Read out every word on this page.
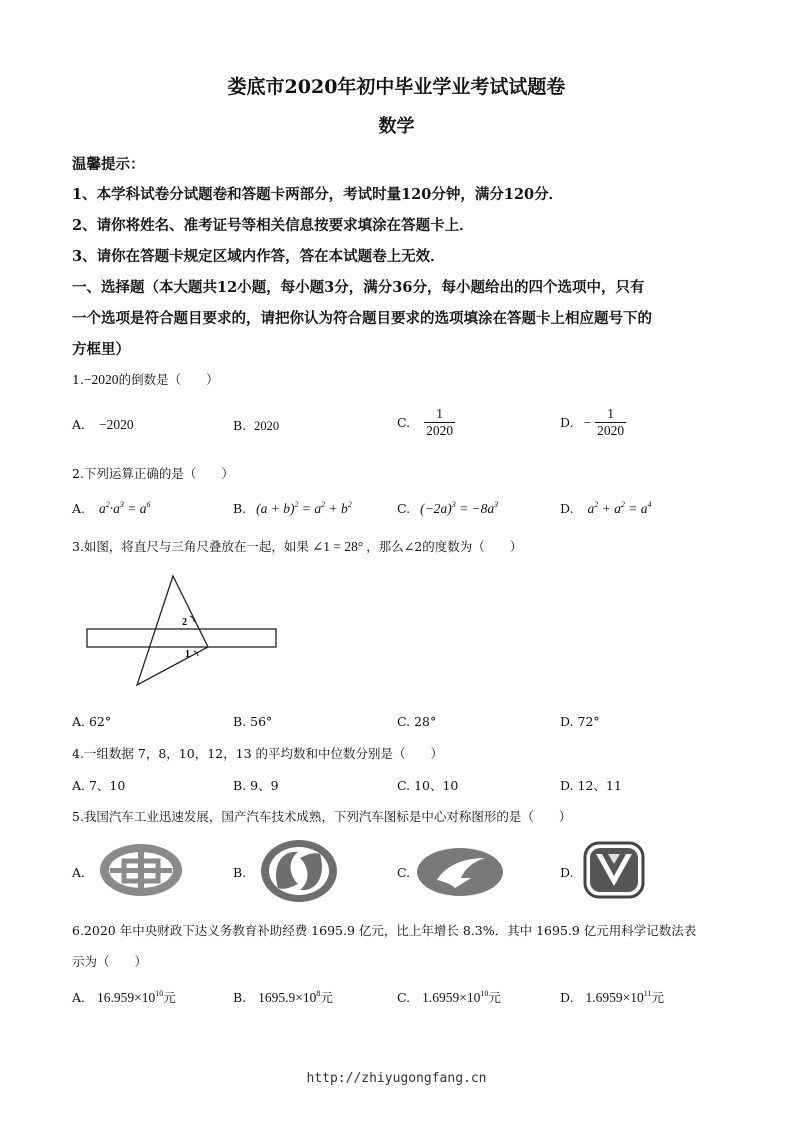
娄底市2020年初中毕业学业考试试题卷
数学
温馨提示：
1、本学科试卷分试题卷和答题卡两部分，考试时量120分钟，满分120分．
2、请你将姓名、准考证号等相关信息按要求填涂在答题卡上．
3、请你在答题卡规定区域内作答，答在本试题卷上无效．
一、选择题（本大题共12小题，每小题3分，满分36分，每小题给出的四个选项中，只有
一个选项是符合题目要求的，请把你认为符合题目要求的选项填涂在答题卡上相应题号下的
方框里）
1.−2020的倒数是（　　）
A. −2020	B. 2020	C. $\frac{1}{2020}$	D. − $\frac{1}{2020}$
2.下列运算正确的是（　　）
A. $a^2\cdot a^3 = a^6$	B. $(a + b)^2 = a^2 + b^2$	C. $(-2a)^3 = -8a^3$	D. $a^2 + a^2 = a^4$
3.如图，将直尺与三角尺叠放在一起，如果 ∠1 = 28° ，那么∠2的度数为（　　）
2
1
A. 62°	B. 56°	C. 28°	D. 72°
4.一组数据 7，8，10，12，13 的平均数和中位数分别是（　　）
A. 7、10	B. 9、9	C. 10、10	D. 12、11
5.我国汽车工业迅速发展，国产汽车技术成熟，下列汽车图标是中心对称图形的是（　　）
A.	B.	C.	D.
6.2020 年中央财政下达义务教育补助经费 1695.9 亿元，比上年增长 8.3%．其中 1695.9 亿元用科学记数法表
示为（　　）
A. $16.959\times 10^{10}$元	B. $1695.9\times 10^8$元	C. $1.6959\times 10^{10}$元	D. $1.6959\times 10^{11}$元
http://zhiyugongfang.cn
